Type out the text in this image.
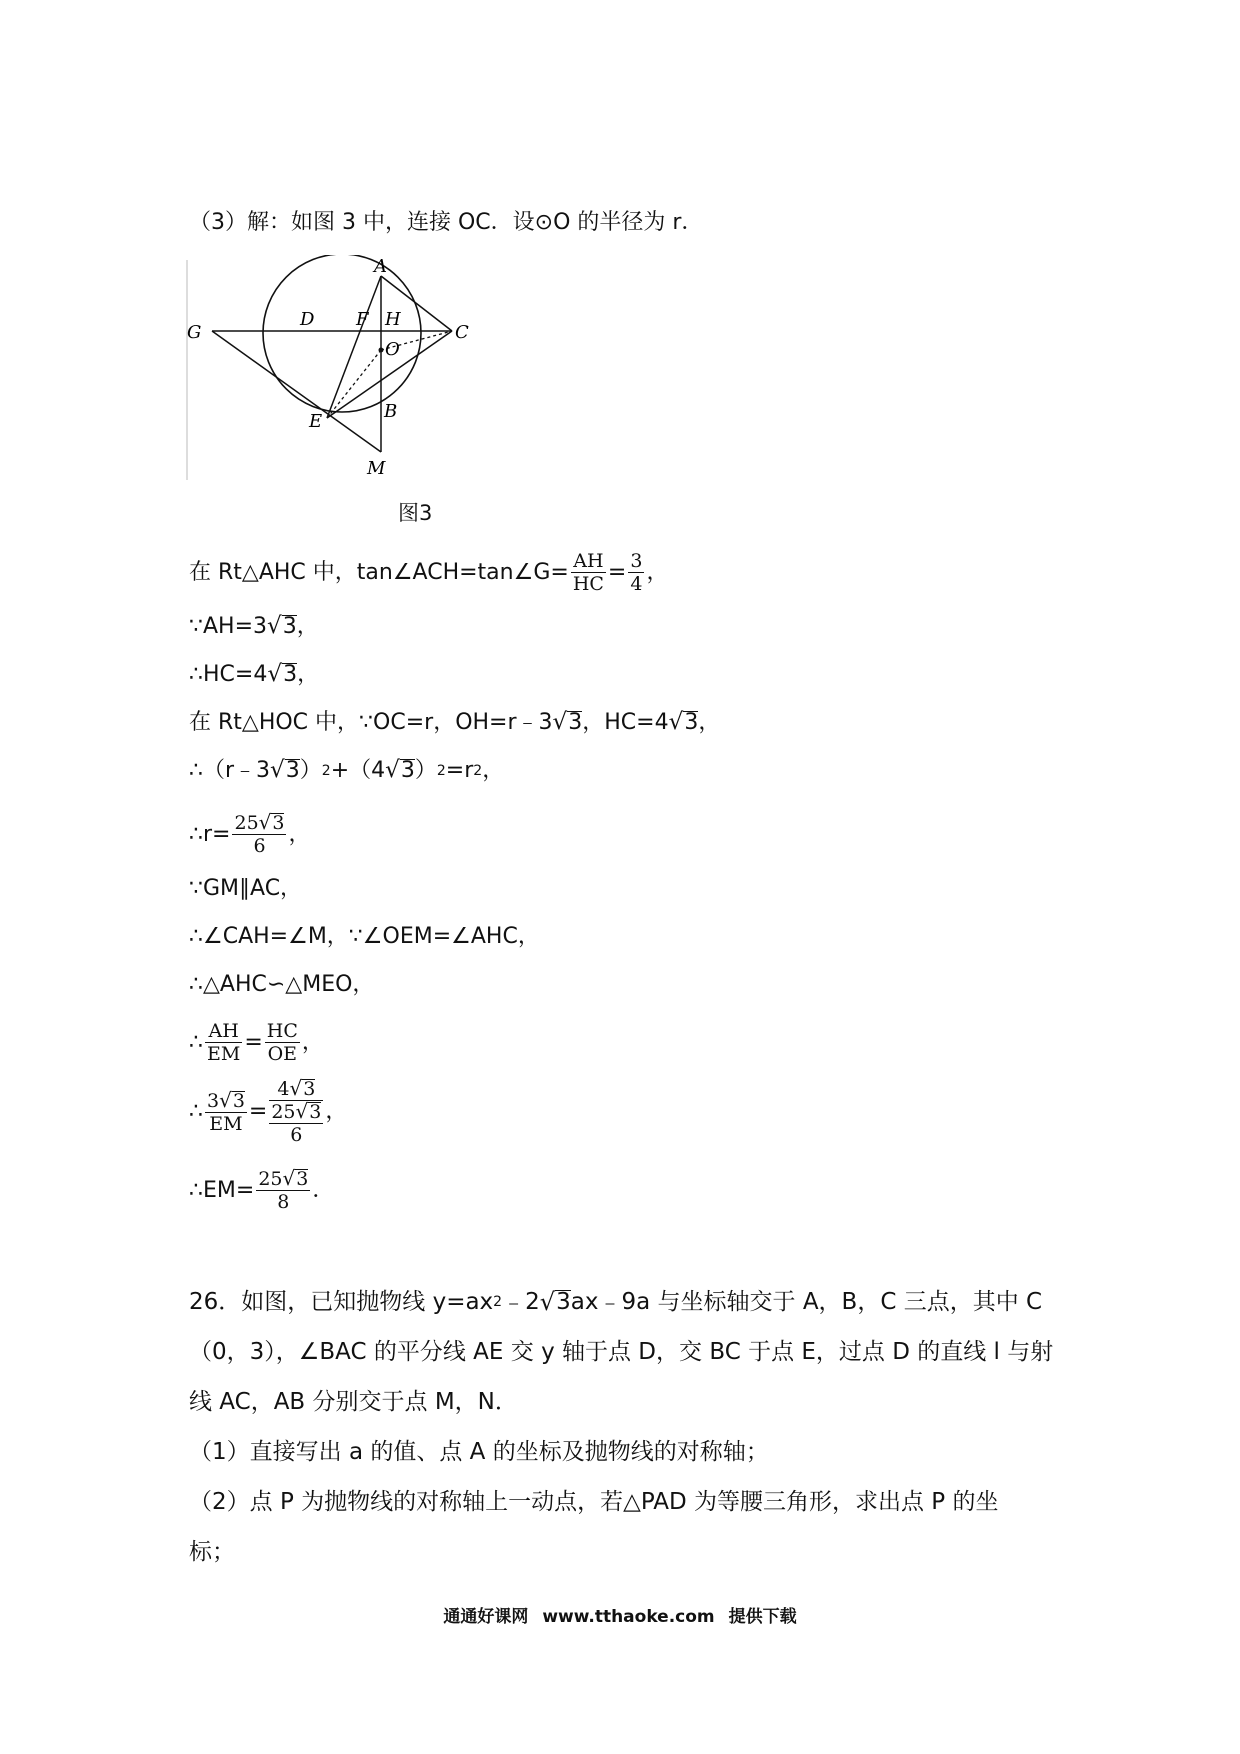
（3）解：如图 3 中，连接 OC．设⊙O 的半径为 r．
A
C
G
D F H
O
E	B
M
图3
在 Rt△AHC 中，tan∠ACH=tan∠G= $\frac{AH}{HC} = \frac{3}{4}$ ，
∵AH=3 √ 3 ，
∴HC=4 √ 3 ，
在 Rt△HOC 中，∵OC=r，OH=r﹣3 √ 3 ，HC=4 √ 3 ，
∴（r﹣3 √ 3 ） 2 +（4 √ 3 ） 2 =r 2 ，
∴r= $\frac{25 √ 3}{6}$ ，
∵GM∥AC，
∴∠CAH=∠M，∵∠OEM=∠AHC，
∴△AHC∽△MEO，
∴ $\frac{AH}{EM} = \frac{HC}{OE}$ ，
∴ $\frac{3 √ 3}{EM} = \frac{4 √ 3}{\frac{25 √ 3}{6}}$ ，
∴EM= $\frac{25 √ 3}{8}$ ．
26．如图，已知抛物线 y=ax 2 ﹣2 √ 3 ax﹣9a 与坐标轴交于 A，B，C 三点，其中 C
（0，3），∠BAC 的平分线 AE 交 y 轴于点 D，交 BC 于点 E，过点 D 的直线 l 与射
线 AC，AB 分别交于点 M，N．
（1）直接写出 a 的值、点 A 的坐标及抛物线的对称轴；
（2）点 P 为抛物线的对称轴上一动点，若△PAD 为等腰三角形，求出点 P 的坐
标；
通通好课网 www.tthaoke.com 提供下载
